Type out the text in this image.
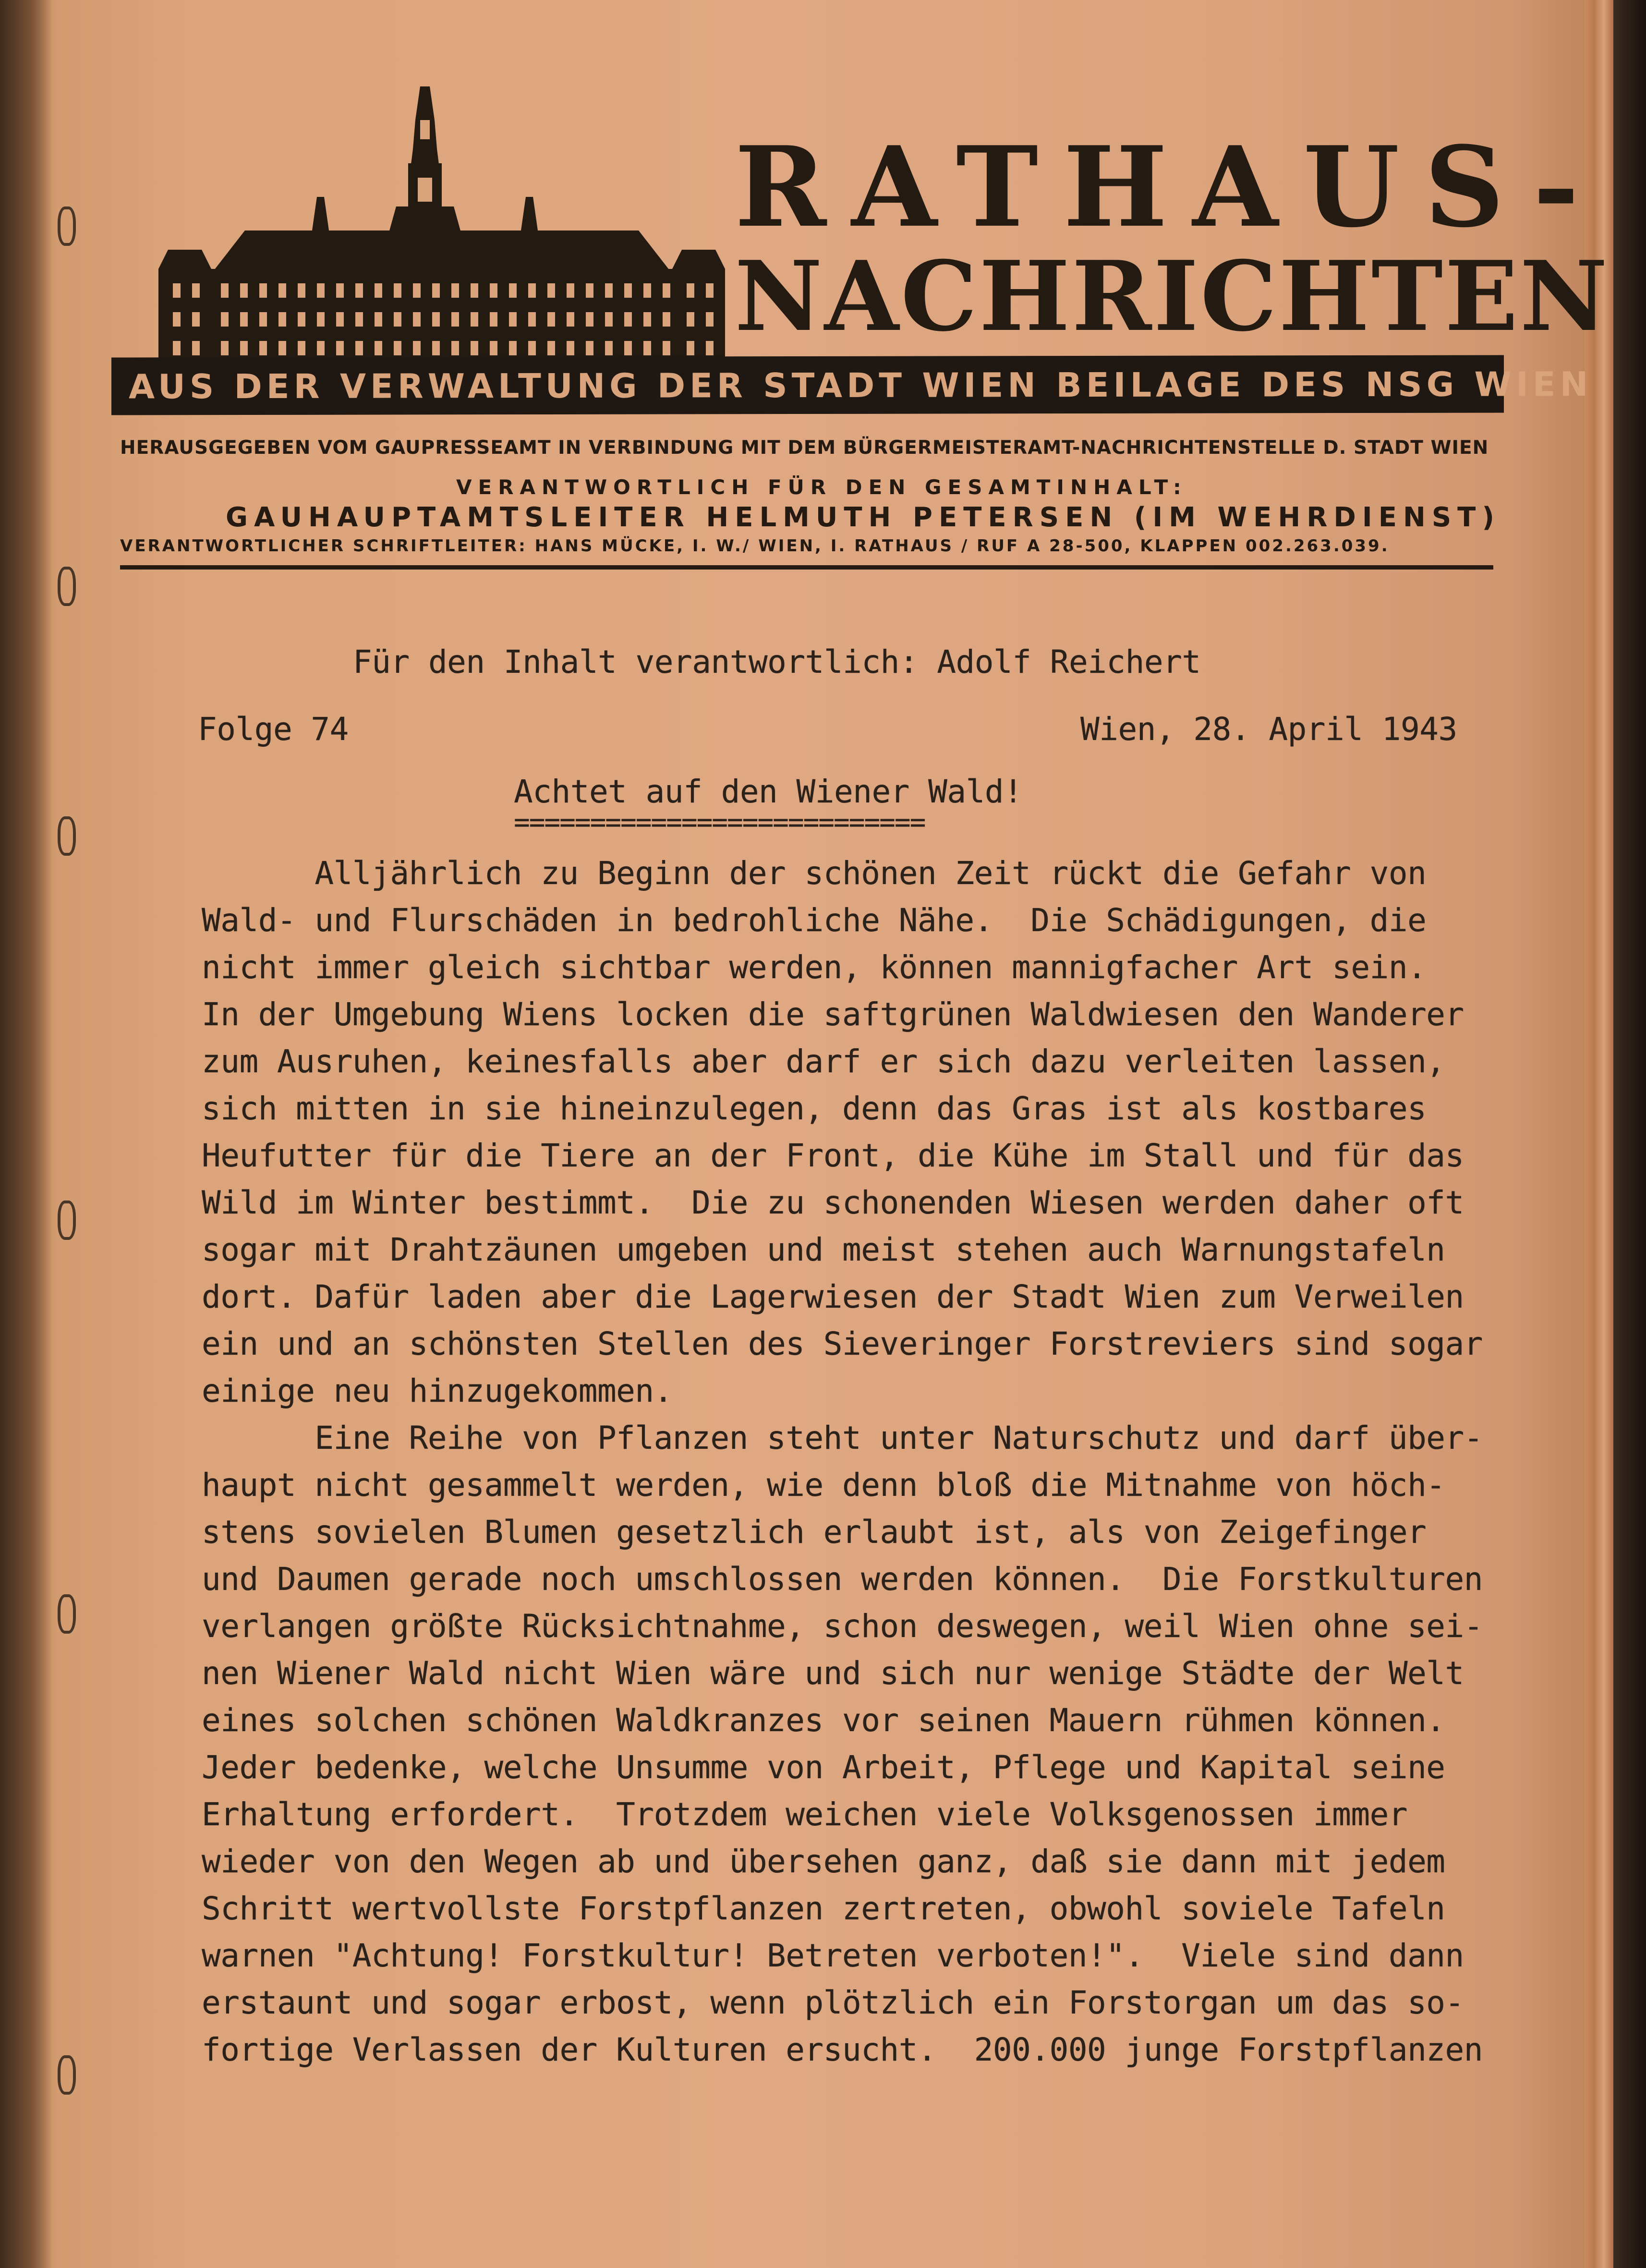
RATHAUS-
NACHRICHTEN
AUS DER VERWALTUNG DER STADT WIEN BEILAGE DES NSG WIEN
HERAUSGEGEBEN VOM GAUPRESSEAMT IN VERBINDUNG MIT DEM BÜRGERMEISTERAMT-NACHRICHTENSTELLE D. STADT WIEN
VERANTWORTLICH FÜR DEN GESAMTINHALT:
GAUHAUPTAMTSLEITER HELMUTH PETERSEN (IM WEHRDIENST)
VERANTWORTLICHER SCHRIFTLEITER: HANS MÜCKE, I. W./ WIEN, I. RATHAUS / RUF A 28-500, KLAPPEN 002.263.039.
Für den Inhalt verantwortlich: Adolf Reichert
Folge 74	Wien, 28. April 1943
Achtet auf den Wiener Wald!
===========================
Alljährlich zu Beginn der schönen Zeit rückt die Gefahr von
Wald- und Flurschäden in bedrohliche Nähe.  Die Schädigungen, die
nicht immer gleich sichtbar werden, können mannigfacher Art sein.
In der Umgebung Wiens locken die saftgrünen Waldwiesen den Wanderer
zum Ausruhen, keinesfalls aber darf er sich dazu verleiten lassen,
sich mitten in sie hineinzulegen, denn das Gras ist als kostbares
Heufutter für die Tiere an der Front, die Kühe im Stall und für das
Wild im Winter bestimmt.  Die zu schonenden Wiesen werden daher oft
sogar mit Drahtzäunen umgeben und meist stehen auch Warnungstafeln
dort. Dafür laden aber die Lagerwiesen der Stadt Wien zum Verweilen
ein und an schönsten Stellen des Sieveringer Forstreviers sind sogar
einige neu hinzugekommen.
Eine Reihe von Pflanzen steht unter Naturschutz und darf über-
haupt nicht gesammelt werden, wie denn bloß die Mitnahme von höch-
stens sovielen Blumen gesetzlich erlaubt ist, als von Zeigefinger
und Daumen gerade noch umschlossen werden können.  Die Forstkulturen
verlangen größte Rücksichtnahme, schon deswegen, weil Wien ohne sei-
nen Wiener Wald nicht Wien wäre und sich nur wenige Städte der Welt
eines solchen schönen Waldkranzes vor seinen Mauern rühmen können.
Jeder bedenke, welche Unsumme von Arbeit, Pflege und Kapital seine
Erhaltung erfordert.  Trotzdem weichen viele Volksgenossen immer
wieder von den Wegen ab und übersehen ganz, daß sie dann mit jedem
Schritt wertvollste Forstpflanzen zertreten, obwohl soviele Tafeln
warnen "Achtung! Forstkultur! Betreten verboten!".  Viele sind dann
erstaunt und sogar erbost, wenn plötzlich ein Forstorgan um das so-
fortige Verlassen der Kulturen ersucht.  200.000 junge Forstpflanzen
